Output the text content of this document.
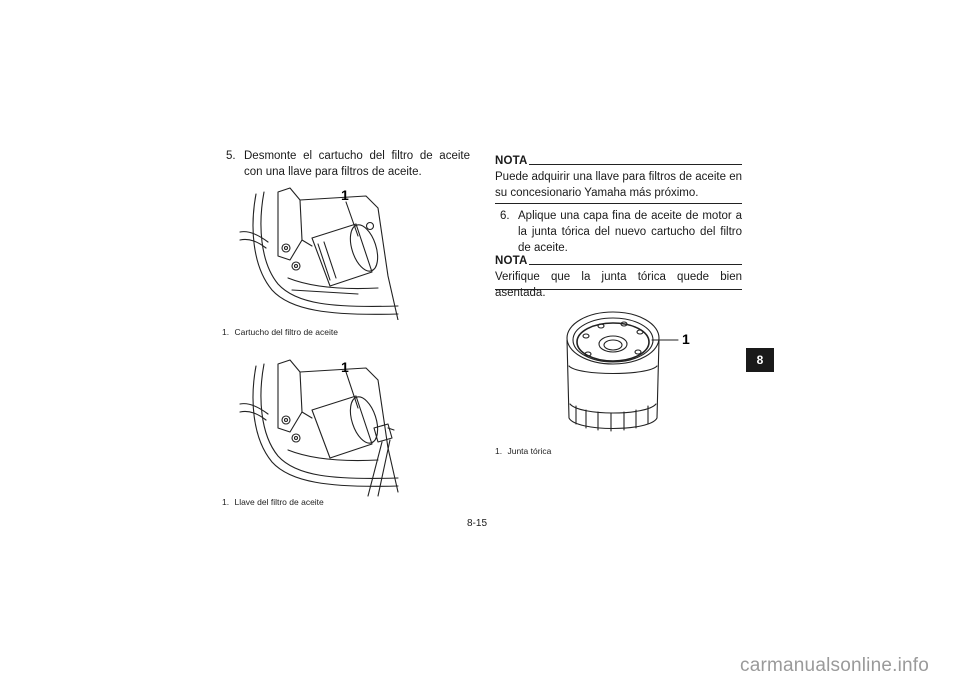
5. Desmonte el cartucho del filtro de aceite con una llave para filtros de aceite.
1
1. Cartucho del filtro de aceite
1
1. Llave del filtro de aceite
NOTA
Puede adquirir una llave para filtros de aceite en su concesionario Yamaha más próximo.
6. Aplique una capa fina de aceite de motor a la junta tórica del nuevo cartucho del filtro de aceite.
NOTA
Verifique que la junta tórica quede bien asentada.
1
1. Junta tórica
8
8-15
carmanualsonline.info
